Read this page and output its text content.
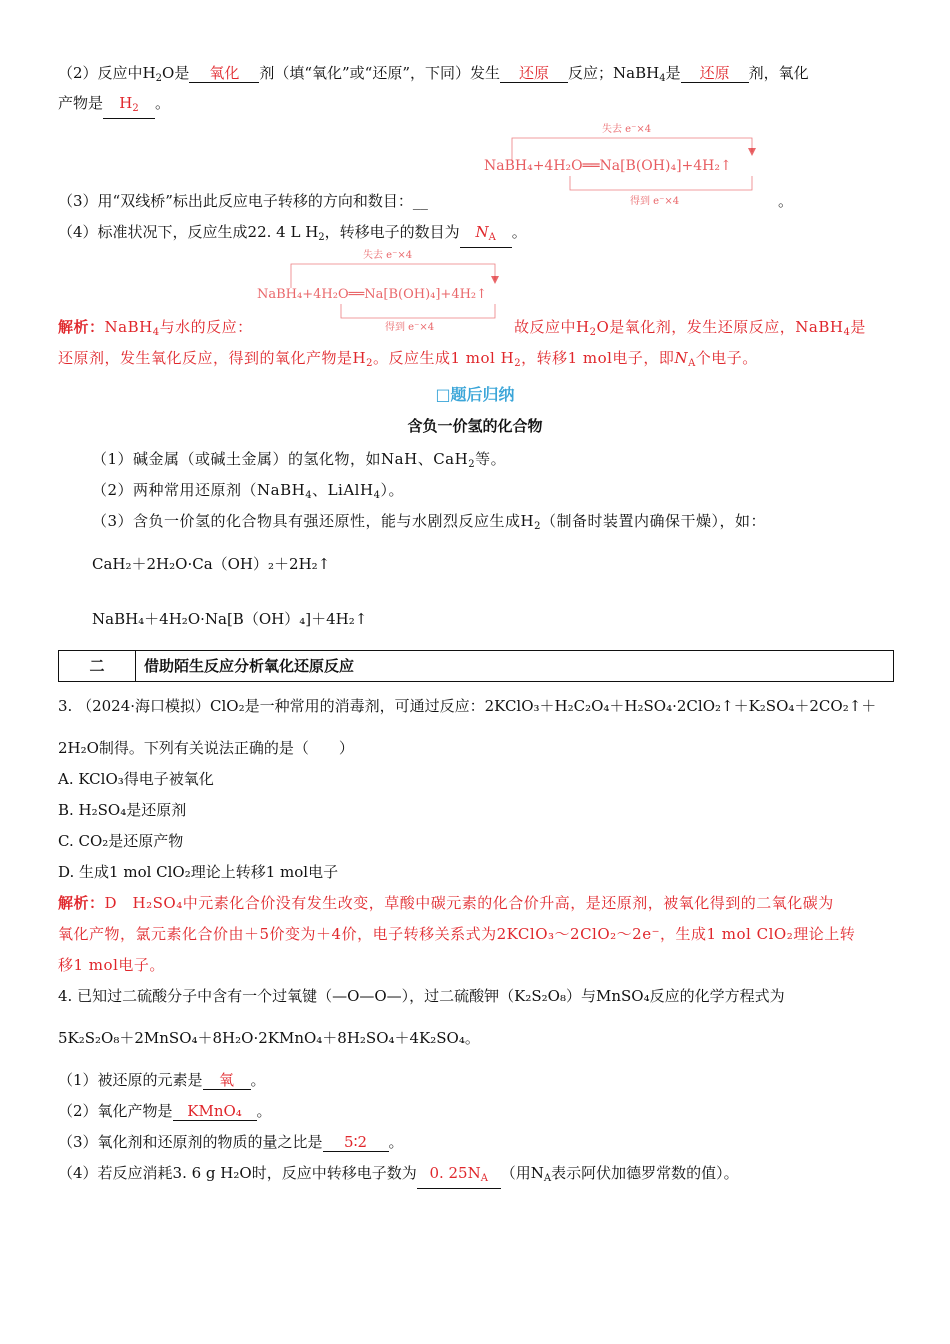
（2）反应中$H_2O$是 氧化 剂（填“氧化”或“还原”，下同）发生 还原 反应；NaBH$_4$是 还原 剂，氧化
产物是 $H_2$ 。
失去 e⁻×4
NaBH₄+4H₂O══Na[B(OH)₄]+4H₂↑
得到 e⁻×4
（3）用“双线桥”标出此反应电子转移的方向和数目：__	。
（4）标准状况下，反应生成22. 4 L $H_2$，转移电子的数目为 $N_A$ 。
失去 e⁻×4
NaBH₄+4H₂O══Na[B(OH)₄]+4H₂↑
得到 e⁻×4
解析：NaBH$_4$与水的反应：	故反应中$H_2O$是氧化剂，发生还原反应，NaBH$_4$是
还原剂，发生氧化反应，得到的氧化产物是$H_2$。反应生成1 mol $H_2$，转移1 mol电子，即$N_A$个电子。
□题后归纳
含负一价氢的化合物
（1）碱金属（或碱土金属）的氢化物，如NaH、CaH$_2$等。
（2）两种常用还原剂（NaBH$_4$、LiAlH$_4$）。
（3）含负一价氢的化合物具有强还原性，能与水剧烈反应生成$H_2$（制备时装置内确保干燥），如：
CaH₂＋2H₂O·Ca（OH）₂＋2H₂↑
NaBH₄＋4H₂O·Na[B（OH）₄]＋4H₂↑
二	借助陌生反应分析氧化还原反应
3. （2024·海口模拟）ClO₂是一种常用的消毒剂，可通过反应：2KClO₃＋H₂C₂O₄＋H₂SO₄·2ClO₂↑＋K₂SO₄＋2CO₂↑＋
2H₂O制得。下列有关说法正确的是（　　）
A. KClO₃得电子被氧化
B. H₂SO₄是还原剂
C. CO₂是还原产物
D. 生成1 mol ClO₂理论上转移1 mol电子
解析：D　H₂SO₄中元素化合价没有发生改变，草酸中碳元素的化合价升高，是还原剂，被氧化得到的二氧化碳为
氧化产物，氯元素化合价由＋5价变为＋4价，电子转移关系式为2KClO₃～2ClO₂～2e⁻，生成1 mol ClO₂理论上转
移1 mol电子。
4. 已知过二硫酸分子中含有一个过氧键（—O—O—），过二硫酸钾（K₂S₂O₈）与MnSO₄反应的化学方程式为
5K₂S₂O₈＋2MnSO₄＋8H₂O·2KMnO₄＋8H₂SO₄＋4K₂SO₄。
（1）被还原的元素是 氧 。
（2）氧化产物是 KMnO₄ 。
（3）氧化剂和还原剂的物质的量之比是 5∶2 。
（4）若反应消耗3. 6 g H₂O时，反应中转移电子数为 0. $25N_A$ （用$N_A$表示阿伏加德罗常数的值）。
